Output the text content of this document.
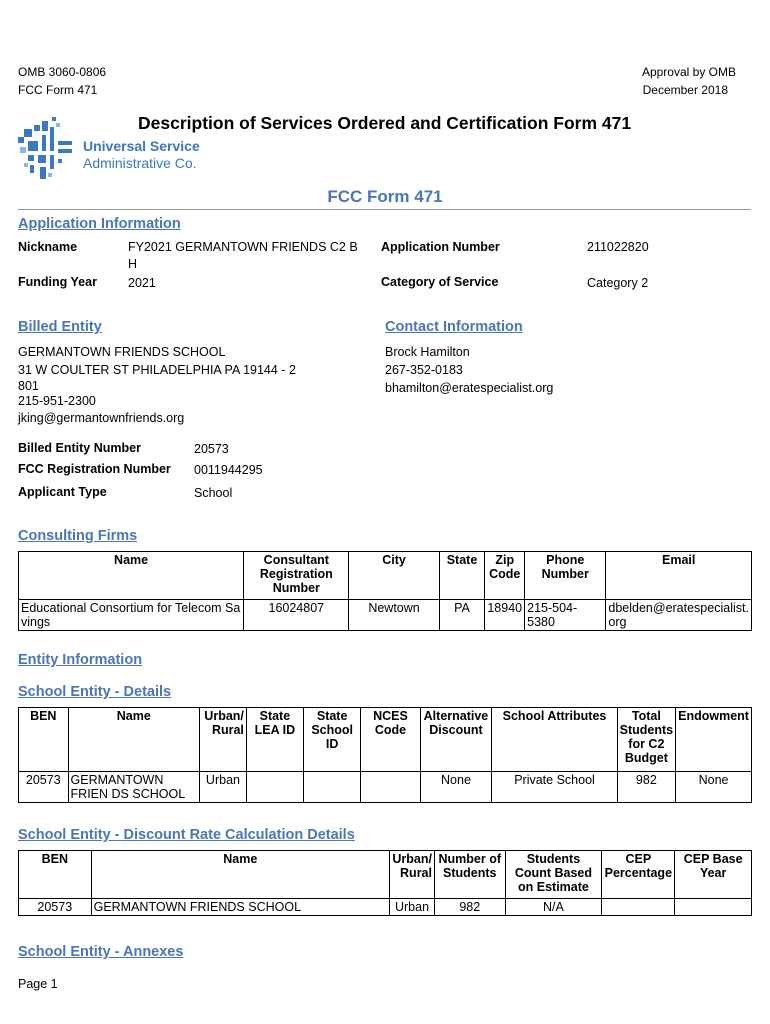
OMB 3060-0806
FCC Form 471
Approval by OMB
December 2018
Universal Service
Administrative Co.
Description of Services Ordered and Certification Form 471
FCC Form 471
Application Information
Nickname	FY2021 GERMANTOWN FRIENDS C2 B
H
Application Number	211022820
Funding Year 2021	Category of Service	Category 2
Billed Entity
GERMANTOWN FRIENDS SCHOOL
31 W COULTER ST PHILADELPHIA PA 19144 - 2
801
215-951-2300
jking@germantownfriends.org
Billed Entity Number	20573
FCC Registration Number 0011944295
Applicant Type	School
Contact Information
Brock Hamilton
267-352-0183
bhamilton@eratespecialist.org
Consulting Firms
Name	Consultant Registration Number	City	State	Zip Code	Phone Number	Email
Educational Consortium for Telecom Sa vings	16024807	Newtown	PA	18940	215-504-5380	dbelden@eratespecialist. org
Entity Information
School Entity - Details
BEN	Name	Urban/ Rural	State LEA ID	State School ID	NCES Code	Alternative Discount	School Attributes	Total Students for C2 Budget	Endowment
20573	GERMANTOWN FRIEN DS SCHOOL	Urban				None	Private School	982	None
School Entity - Discount Rate Calculation Details
BEN	Name	Urban/ Rural	Number of Students	Students Count Based on Estimate	CEP Percentage	CEP Base Year
20573	GERMANTOWN FRIENDS SCHOOL	Urban	982	N/A		
School Entity - Annexes
Page 1
